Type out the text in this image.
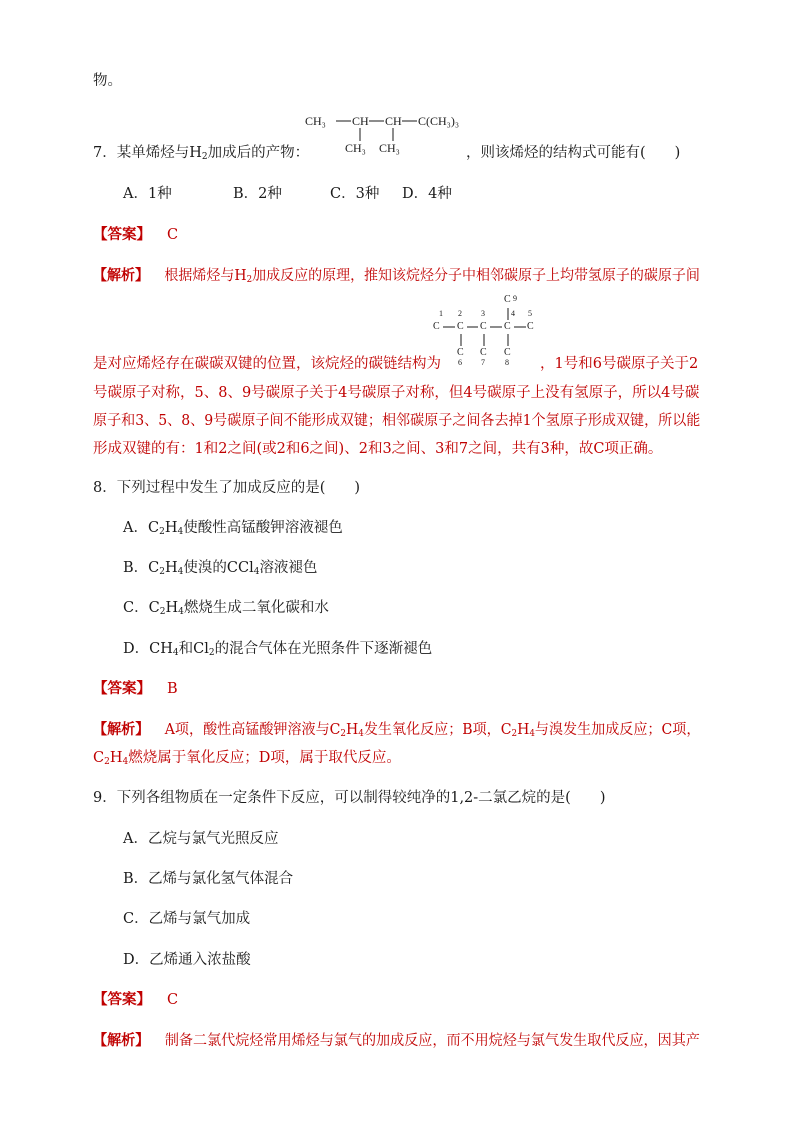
物。
CH₃ CH CH C(CH₃)₃
CH₃ CH₃
7．某单烯烃与$H_2$加成后的产物：	，则该烯烃的结构式可能有(　　)
A．1种	B．2种	C．3种 D．4种
【答案】 C
【解析】 根据烯烃与$H_2$加成反应的原理，推知该烷烃分子中相邻碳原子上均带氢原子的碳原子间
C 9
1 2 3	4 5
C C C C C
C C C
6 7	8
是对应烯烃存在碳碳双键的位置，该烷烃的碳链结构为	，1号和6号碳原子关于2
号碳原子对称，5、8、9号碳原子关于4号碳原子对称，但4号碳原子上没有氢原子，所以4号碳
原子和3、5、8、9号碳原子间不能形成双键；相邻碳原子之间各去掉1个氢原子形成双键，所以能
形成双键的有：1和2之间(或2和6之间)、2和3之间、3和7之间，共有3种，故C项正确。
8．下列过程中发生了加成反应的是(　　)
A．$C_2H_4$使酸性高锰酸钾溶液褪色
B．$C_2H_4$使溴的CCl$_4$溶液褪色
C．$C_2H_4$燃烧生成二氧化碳和水
D．$CH_4$和$Cl_2$的混合气体在光照条件下逐渐褪色
【答案】 B
【解析】 A项，酸性高锰酸钾溶液与$C_2H_4$发生氧化反应；B项，$C_2H_4$与溴发生加成反应；C项，
$C_2H_4$燃烧属于氧化反应；D项，属于取代反应。
9．下列各组物质在一定条件下反应，可以制得较纯净的1,2-二氯乙烷的是(　　)
A．乙烷与氯气光照反应
B．乙烯与氯化氢气体混合
C．乙烯与氯气加成
D．乙烯通入浓盐酸
【答案】 C
【解析】 制备二氯代烷烃常用烯烃与氯气的加成反应，而不用烷烃与氯气发生取代反应，因其产
